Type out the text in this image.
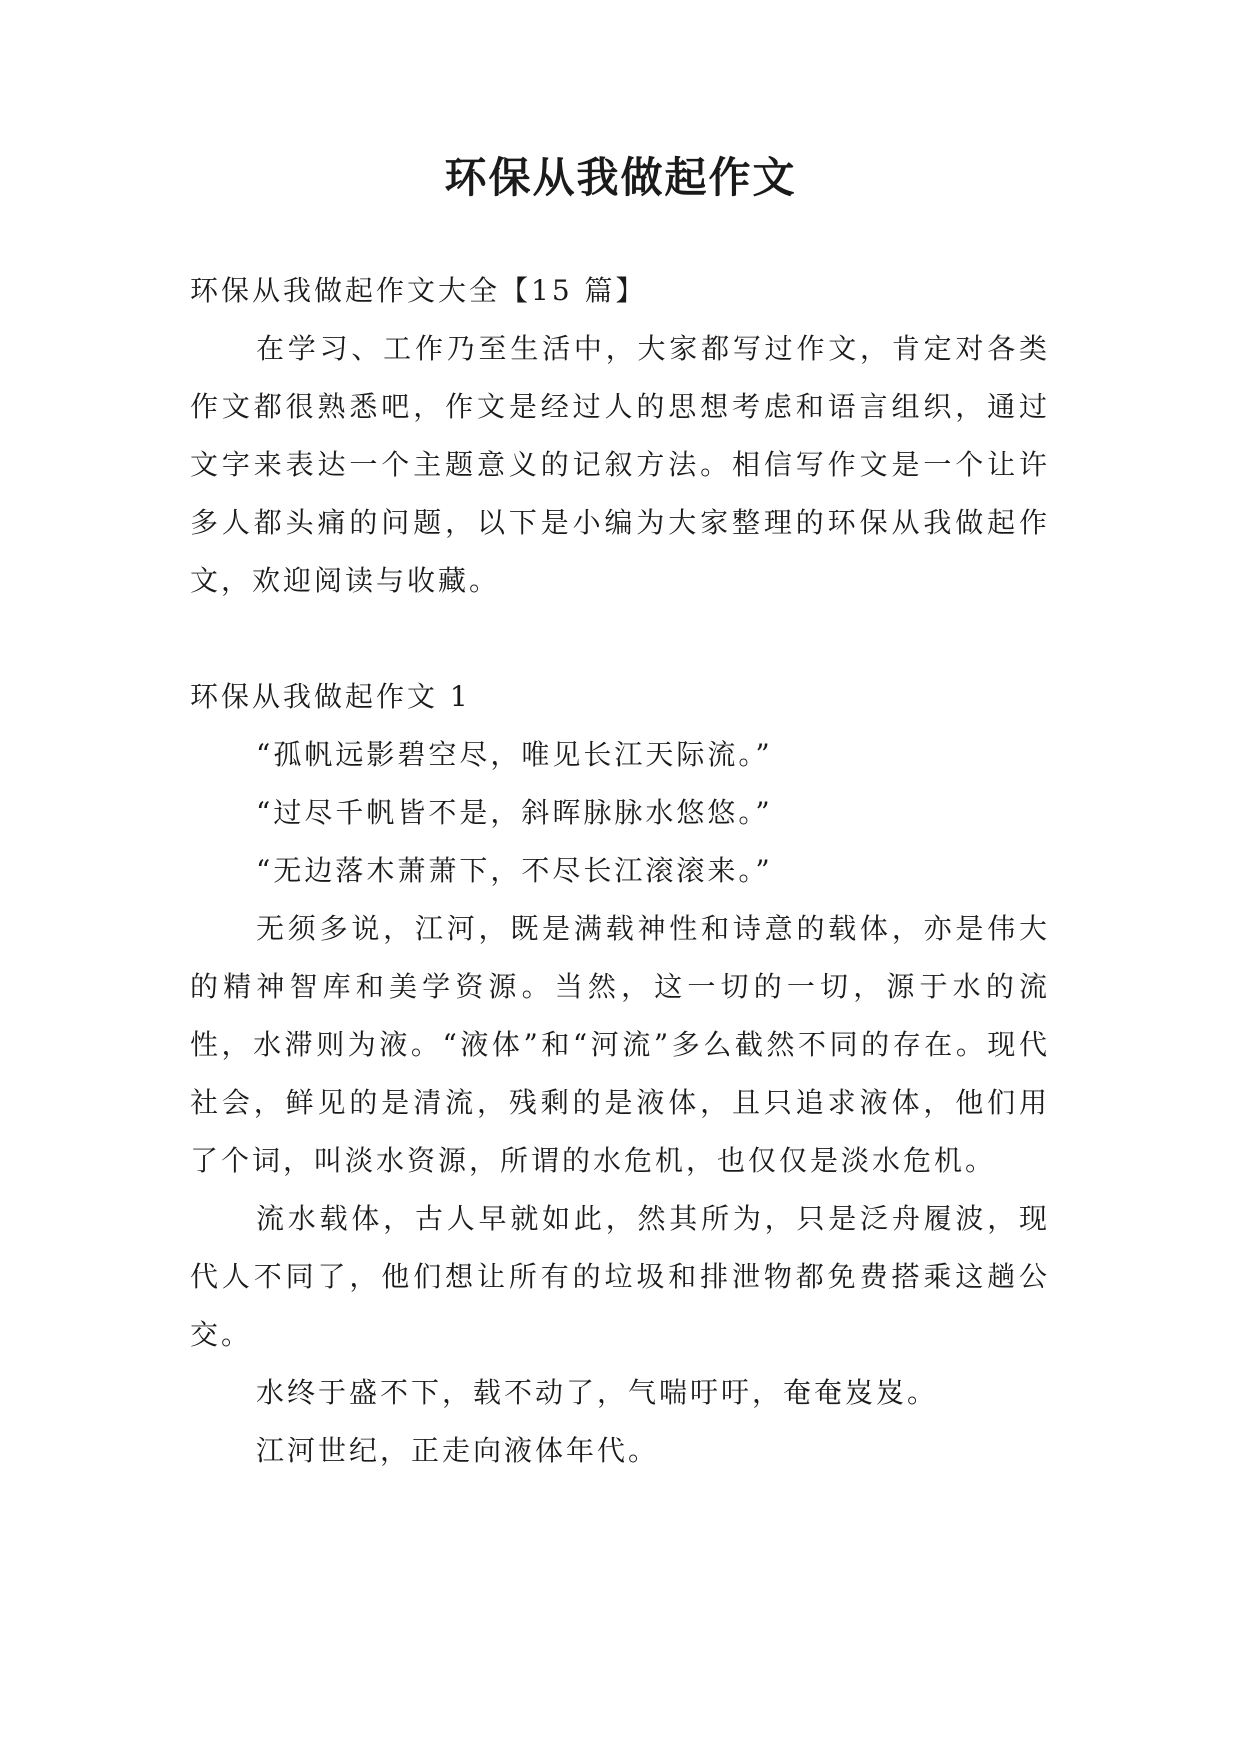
环保从我做起作文

环保从我做起作文大全【15 篇】

在学习、工作乃至生活中，大家都写过作文，肯定对各类作文都很熟悉吧，作文是经过人的思想考虑和语言组织，通过文字来表达一个主题意义的记叙方法。相信写作文是一个让许多人都头痛的问题，以下是小编为大家整理的环保从我做起作文，欢迎阅读与收藏。

环保从我做起作文 1

“孤帆远影碧空尽，唯见长江天际流。”

“过尽千帆皆不是，斜晖脉脉水悠悠。”

“无边落木萧萧下，不尽长江滚滚来。”

无须多说，江河，既是满载神性和诗意的载体，亦是伟大的精神智库和美学资源。当然，这一切的一切，源于水的流性，水滞则为液。“液体”和“河流”多么截然不同的存在。现代社会，鲜见的是清流，残剩的是液体，且只追求液体，他们用了个词，叫淡水资源，所谓的水危机，也仅仅是淡水危机。

流水载体，古人早就如此，然其所为，只是泛舟履波，现代人不同了，他们想让所有的垃圾和排泄物都免费搭乘这趟公交。

水终于盛不下，载不动了，气喘吁吁，奄奄岌岌。

江河世纪，正走向液体年代。
